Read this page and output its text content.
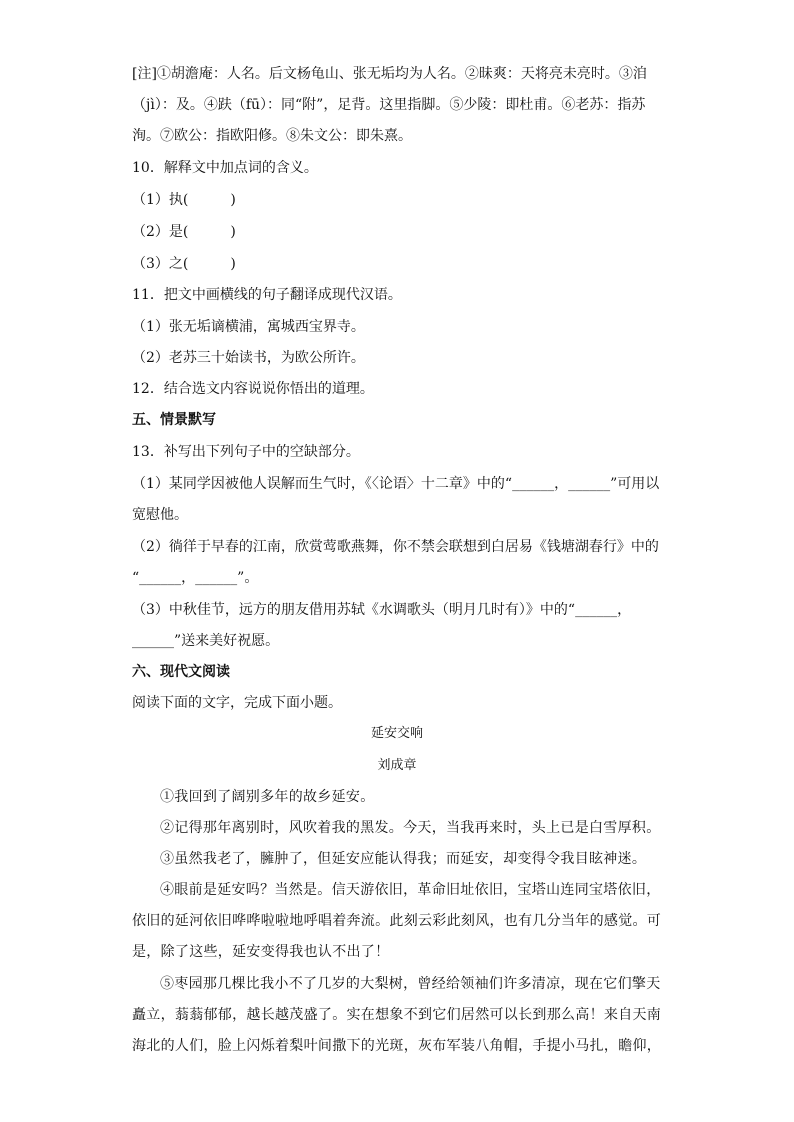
[注]①胡澹庵：人名。后文杨龟山、张无垢均为人名。②昧爽：天将亮未亮时。③洎
（jì）：及。④趺（fū）：同“附”，足背。这里指脚。⑤少陵：即杜甫。⑥老苏：指苏
洵。⑦欧公：指欧阳修。⑧朱文公：即朱熹。
10．解释文中加点词的含义。
（1）执(　　　)
（2）是(　　　)
（3）之(　　　)
11．把文中画横线的句子翻译成现代汉语。
（1）张无垢谪横浦，寓城西宝界寺。
（2）老苏三十始读书，为欧公所许。
12．结合选文内容说说你悟出的道理。
五、情景默写
13．补写出下列句子中的空缺部分。
（1）某同学因被他人误解而生气时，《〈论语〉十二章》中的“______，______”可用以
宽慰他。
（2）徜徉于早春的江南，欣赏莺歌燕舞，你不禁会联想到白居易《钱塘湖春行》中的
“______，______”。
（3）中秋佳节，远方的朋友借用苏轼《水调歌头（明月几时有）》中的“______，
______”送来美好祝愿。
六、现代文阅读
阅读下面的文字，完成下面小题。
延安交响
刘成章
①我回到了阔别多年的故乡延安。
②记得那年离别时，风吹着我的黑发。今天，当我再来时，头上已是白雪厚积。
③虽然我老了，臃肿了，但延安应能认得我；而延安，却变得令我目眩神迷。
④眼前是延安吗？当然是。信天游依旧，革命旧址依旧，宝塔山连同宝塔依旧，
依旧的延河依旧哗哗啦啦地呼唱着奔流。此刻云彩此刻风，也有几分当年的感觉。可
是，除了这些，延安变得我也认不出了！
⑤枣园那几棵比我小不了几岁的大梨树，曾经给领袖们许多清凉，现在它们擎天
矗立，蓊蓊郁郁，越长越茂盛了。实在想象不到它们居然可以长到那么高！来自天南
海北的人们，脸上闪烁着梨叶间撒下的光斑，灰布军装八角帽，手提小马扎，瞻仰，
